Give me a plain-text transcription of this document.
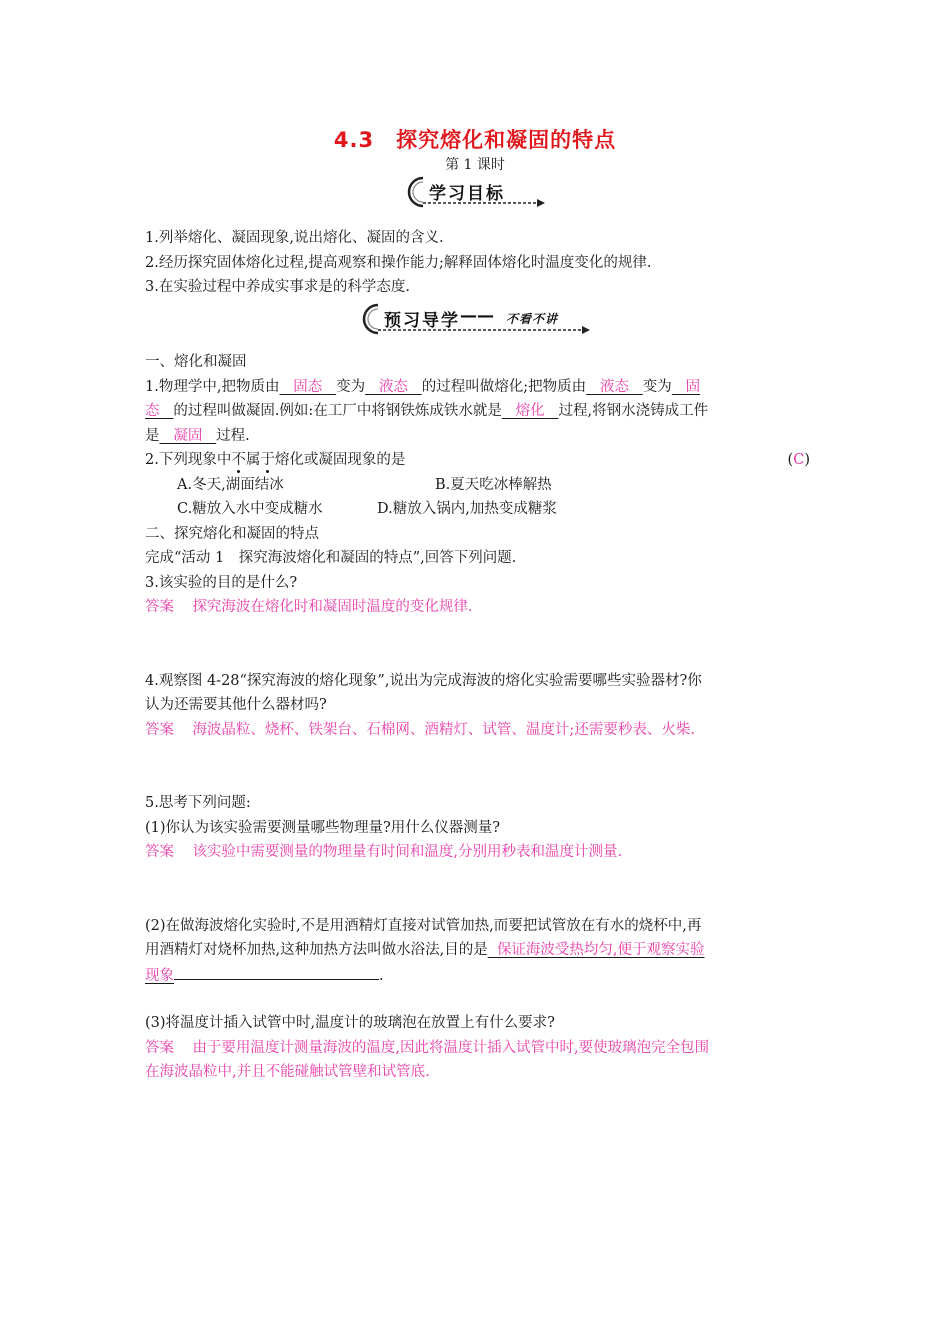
4.3　探究熔化和凝固的特点
第 1 课时
学习目标
1.列举熔化、凝固现象,说出熔化、凝固的含义.
2.经历探究固体熔化过程,提高观察和操作能力;解释固体熔化时温度变化的规律.
3.在实验过程中养成实事求是的科学态度.
预习导学 —— 不看不讲
一、熔化和凝固
1.物理学中,把物质由 固态 变为 液态 的过程叫做熔化;把物质由 液态 变为 固
态 的过程叫做凝固.例如:在工厂中将钢铁炼成铁水就是 熔化 过程,将钢水浇铸成工件
是 凝固 过程.
2.下列现象中不属于熔化或凝固现象的是	(C)
A.冬天,湖面结冰	B.夏天吃冰棒解热
C.糖放入水中变成糖水	D.糖放入锅内,加热变成糖浆
二、探究熔化和凝固的特点
完成“活动 1　探究海波熔化和凝固的特点”,回答下列问题.
3.该实验的目的是什么?
答案 探究海波在熔化时和凝固时温度的变化规律.
4.观察图 4-28“探究海波的熔化现象”,说出为完成海波的熔化实验需要哪些实验器材?你
认为还需要其他什么器材吗?
答案 海波晶粒、烧杯、铁架台、石棉网、酒精灯、试管、温度计;还需要秒表、火柴.
5.思考下列问题:
(1)你认为该实验需要测量哪些物理量?用什么仪器测量?
答案 该实验中需要测量的物理量有时间和温度,分别用秒表和温度计测量.
(2)在做海波熔化实验时,不是用酒精灯直接对试管加热,而要把试管放在有水的烧杯中,再
用酒精灯对烧杯加热,这种加热方法叫做水浴法,目的是 保证海波受热均匀,便于观察实验
现象	.
(3)将温度计插入试管中时,温度计的玻璃泡在放置上有什么要求?
答案 由于要用温度计测量海波的温度,因此将温度计插入试管中时,要使玻璃泡完全包围
在海波晶粒中,并且不能碰触试管壁和试管底.
